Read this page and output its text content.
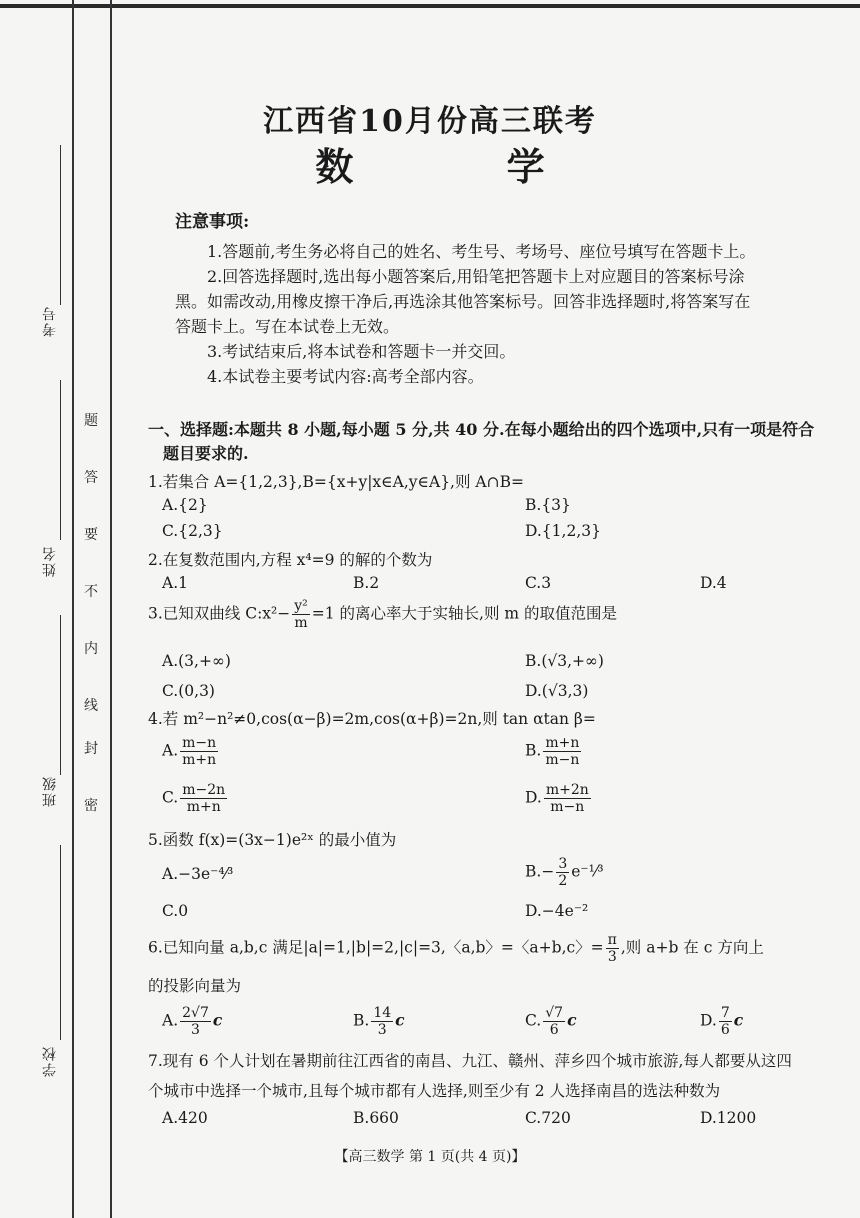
考号
姓名
班级
学校
题
答
要
不
内
线
封
密
江西省10月份高三联考
数 学
注意事项:

1.答题前,考生务必将自己的姓名、考生号、考场号、座位号填写在答题卡上。

2.回答选择题时,选出每小题答案后,用铅笔把答题卡上对应题目的答案标号涂

黑。如需改动,用橡皮擦干净后,再选涂其他答案标号。回答非选择题时,将答案写在

答题卡上。写在本试卷上无效。

3.考试结束后,将本试卷和答题卡一并交回。

4.本试卷主要考试内容:高考全部内容。

一、选择题:本题共 8 小题,每小题 5 分,共 40 分.在每小题给出的四个选项中,只有一项是符合
题目要求的.
1.若集合 A={1,2,3},B={x+y|x∈A,y∈A},则 A∩B=
A.{2}	B.{3}
C.{2,3}	D.{1,2,3}
2.在复数范围内,方程 x⁴=9 的解的个数为
A.1	B.2	C.3	D.4
3.已知双曲线 C:x²− $\frac{\text{y²}}{m} =1$ 的离心率大于实轴长,则 m 的取值范围是
A.(3,+∞)	B.(√3,+∞)
C.(0,3)	D.(√3,3)
4.若 m²−n²≠0,cos(α−β)=2m,cos(α+β)=2n,则 tan αtan β=
A. $\frac{m-n}{m+n}$	B. $\frac{m+n}{m-n}$
C. $\frac{m-2n}{m+n}$	D. $\frac{m+2n}{m-n}$
5.函数 f(x)=(3x−1)e²ˣ 的最小值为
A.−3e⁻⁴⁄³	$B.- \frac{3}{2}$ e⁻¹⁄³
C.0	D.−4e⁻²
6.已知向量 a,b,c 满足|a|=1,|b|=2,|c|=3,〈a,b〉=〈a+b,c〉= $\frac{\pi}{3}$ ,则 a+b 在 c 方向上
的投影向量为
A. $\frac{2√7}{3}$ c	B. $\frac{14}{3}$ c	C. $\frac{√7}{6}$ c	D. $\frac{7}{6}$ c
7.现有 6 个人计划在暑期前往江西省的南昌、九江、赣州、萍乡四个城市旅游,每人都要从这四
个城市中选择一个城市,且每个城市都有人选择,则至少有 2 人选择南昌的选法种数为
A.420	B.660	C.720	D.1200
【高三数学 第 1 页(共 4 页)】
